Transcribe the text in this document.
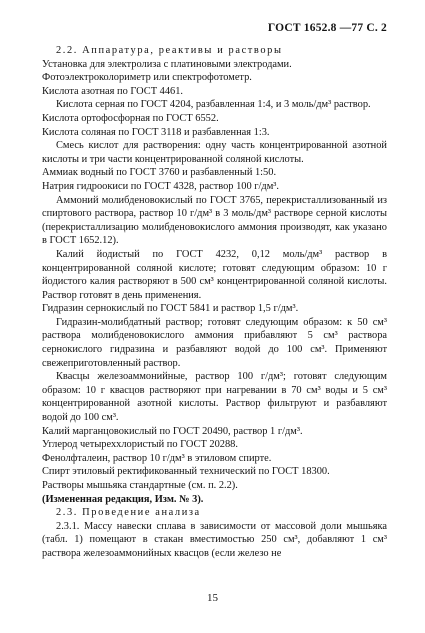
ГОСТ 1652.8 —77 С. 2

2.2. Аппаратура, реактивы и растворы

Установка для электролиза с платиновыми электродами.

Фотоэлектроколориметр или спектрофотометр.

Кислота азотная по ГОСТ 4461.

Кислота серная по ГОСТ 4204, разбавленная 1:4, и 3 моль/дм³ раствор.

Кислота ортофосфорная по ГОСТ 6552.

Кислота соляная по ГОСТ 3118 и разбавленная 1:3.

Смесь кислот для растворения: одну часть концентрированной азотной кислоты и три части концентрированной соляной кислоты.

Аммиак водный по ГОСТ 3760 и разбавленный 1:50.

Натрия гидроокиси по ГОСТ 4328, раствор 100 г/дм³.

Аммоний молибденовокислый по ГОСТ 3765, перекристаллизованный из спиртового раствора, раствор 10 г/дм³ в 3 моль/дм³ растворе серной кислоты (перекристаллизацию молибденовокислого аммония производят, как указано в ГОСТ 1652.12).

Калий йодистый по ГОСТ 4232, 0,12 моль/дм³ раствор в концентрированной соляной кислоте; готовят следующим образом: 10 г йодистого калия растворяют в 500 см³ концентрированной соляной кислоты. Раствор готовят в день применения.

Гидразин сернокислый по ГОСТ 5841 и раствор 1,5 г/дм³.

Гидразин-молибдатный раствор; готовят следующим образом: к 50 см³ раствора молибденовокислого аммония прибавляют 5 см³ раствора сернокислого гидразина и разбавляют водой до 100 см³. Применяют свежеприготовленный раствор.

Квасцы железоаммонийные, раствор 100 г/дм³; готовят следующим образом: 10 г квасцов растворяют при нагревании в 70 см³ воды и 5 см³ концентрированной азотной кислоты. Раствор фильтруют и разбавляют водой до 100 см³.

Калий марганцовокислый по ГОСТ 20490, раствор 1 г/дм³.

Углерод четыреххлористый по ГОСТ 20288.

Фенолфталеин, раствор 10 г/дм³ в этиловом спирте.

Спирт этиловый ректификованный технический по ГОСТ 18300.

Растворы мышьяка стандартные (см. п. 2.2).

(Измененная редакция, Изм. № 3).

2.3. Проведение анализа

2.3.1. Массу навески сплава в зависимости от массовой доли мышьяка (табл. 1) помещают в стакан вместимостью 250 см³, добавляют 1 см³ раствора железоаммонийных квасцов (если железо не

15
